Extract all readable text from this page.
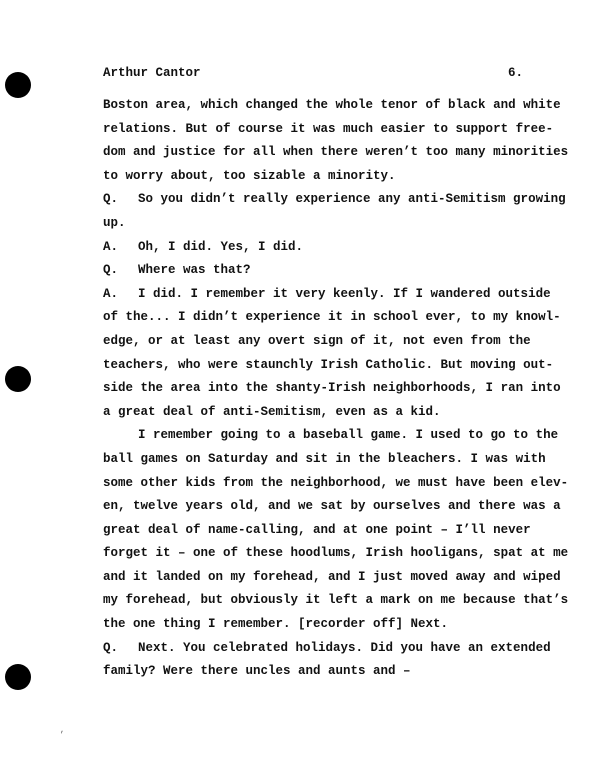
Arthur Cantor	6.
Boston area, which changed the whole tenor of black and white
relations. But of course it was much easier to support free-
dom and justice for all when there weren’t too many minorities
to worry about, too sizable a minority.
Q. So you didn’t really experience any anti-Semitism growing
up.
A. Oh, I did. Yes, I did.
Q. Where was that?
A. I did. I remember it very keenly. If I wandered outside
of the... I didn’t experience it in school ever, to my knowl-
edge, or at least any overt sign of it, not even from the
teachers, who were staunchly Irish Catholic. But moving out-
side the area into the shanty-Irish neighborhoods, I ran into
a great deal of anti-Semitism, even as a kid.
I remember going to a baseball game. I used to go to the
ball games on Saturday and sit in the bleachers. I was with
some other kids from the neighborhood, we must have been elev-
en, twelve years old, and we sat by ourselves and there was a
great deal of name-calling, and at one point – I’ll never
forget it – one of these hoodlums, Irish hooligans, spat at me
and it landed on my forehead, and I just moved away and wiped
my forehead, but obviously it left a mark on me because that’s
the one thing I remember. [recorder off] Next.
Q. Next. You celebrated holidays. Did you have an extended
family? Were there uncles and aunts and –
,
